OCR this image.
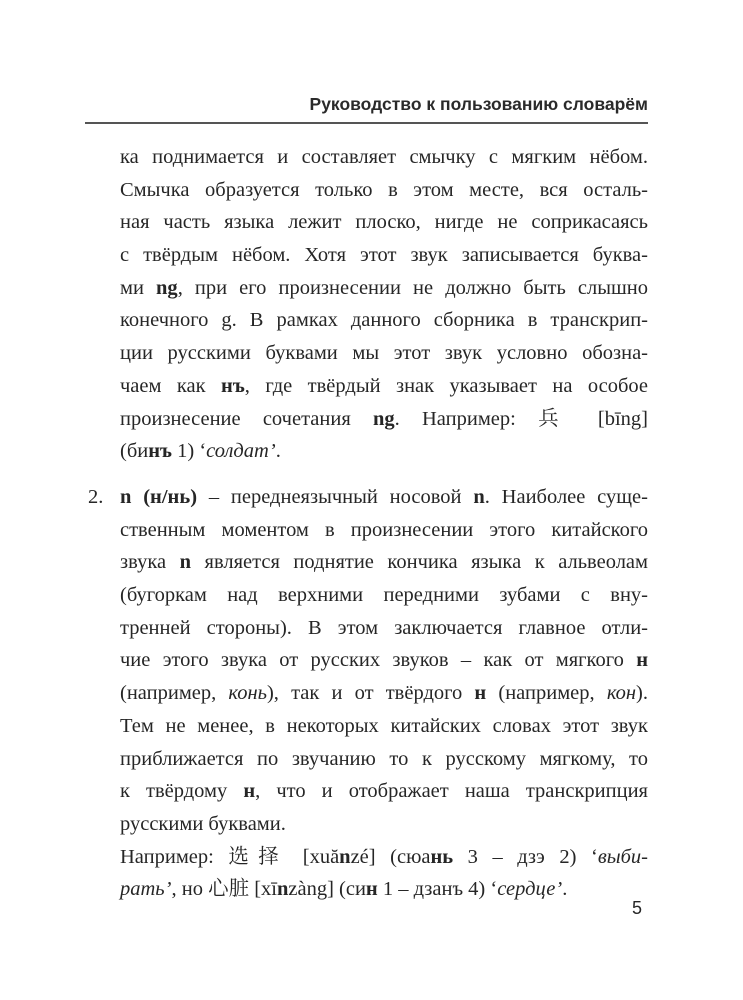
Руководство к пользованию словарём
ка поднимается и составляет смычку с мягким нёбом.
Смычка образуется только в этом месте, вся осталь-
ная часть языка лежит плоско, нигде не соприкасаясь
с твёрдым нёбом. Хотя этот звук записывается буква-
ми ng, при его произнесении не должно быть слышно
конечного g. В рамках данного сборника в транскрип-
ции русскими буквами мы этот звук условно обозна-
чаем как нъ, где твёрдый знак указывает на особое
произнесение сочетания ng. Например: 兵 [bīng]
(бинъ 1) ‘солдат’.
2. n (н/нь) – переднеязычный носовой n. Наиболее суще-
ственным моментом в произнесении этого китайского
звука n является поднятие кончика языка к альвеолам
(бугоркам над верхними передними зубами с вну-
тренней стороны). В этом заключается главное отли-
чие этого звука от русских звуков – как от мягкого н
(например, конь), так и от твёрдого н (например, кон).
Тем не менее, в некоторых китайских словах этот звук
приближается по звучанию то к русскому мягкому, то
к твёрдому н, что и отображает наша транскрипция
русскими буквами.
Например: 选择 [xuănzé] (сюань 3 – дзэ 2) ‘выби-
рать’, но 心脏 [xīnzàng] (син 1 – дзанъ 4) ‘сердце’.
5
